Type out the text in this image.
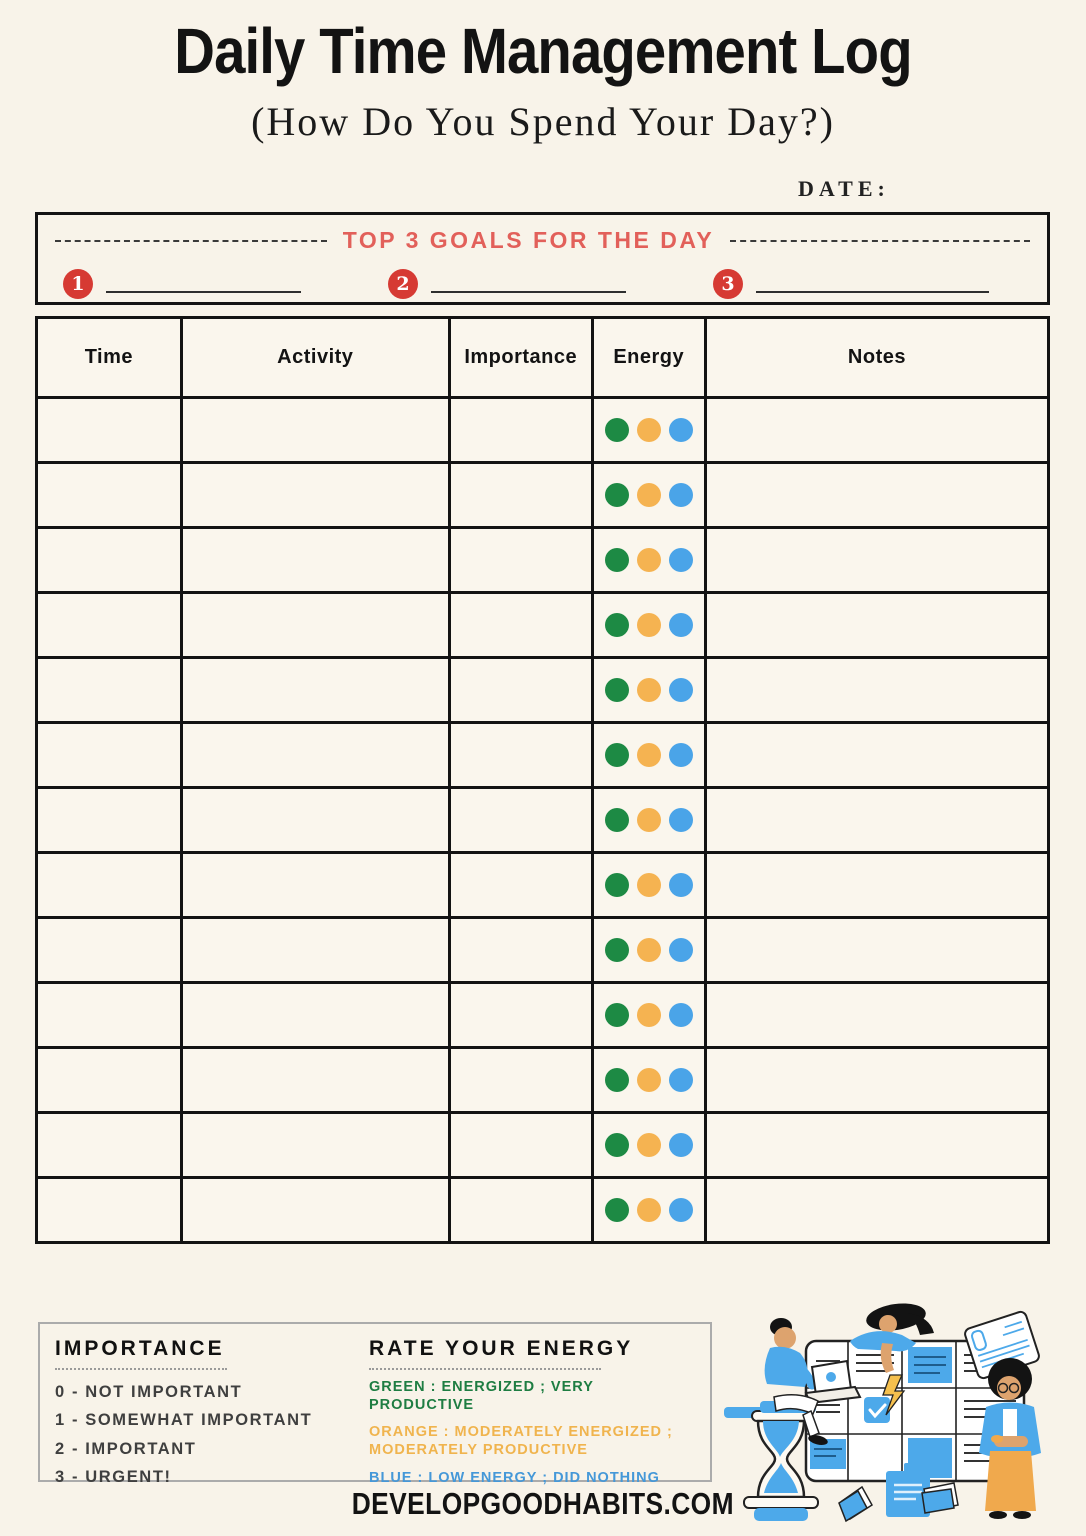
Daily Time Management Log
(How Do You Spend Your Day?)
DATE:
TOP 3 GOALS FOR THE DAY
1	2	3
Time	Activity	Importance	Energy	Notes

IMPORTANCE
0 - NOT IMPORTANT
1 - SOMEWHAT IMPORTANT
2 - IMPORTANT
3 - URGENT!
RATE YOUR ENERGY
GREEN : ENERGIZED ; VERY PRODUCTIVE
ORANGE : MODERATELY ENERGIZED ; MODERATELY PRODUCTIVE
BLUE : LOW ENERGY ; DID NOTHING
DEVELOPGOODHABITS.COM
